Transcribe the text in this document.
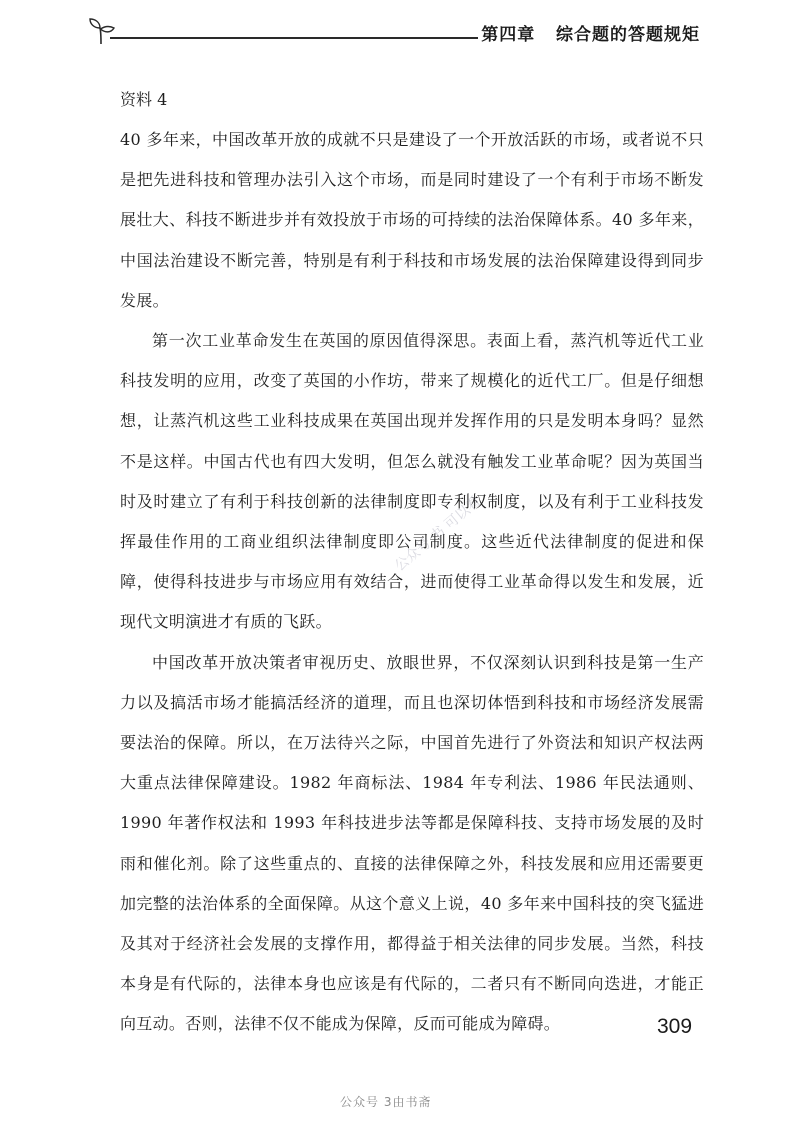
第四章   综合题的答题规矩

资料 4

40 多年来，中国改革开放的成就不只是建设了一个开放活跃的市场，或者说不只是把先进科技和管理办法引入这个市场，而是同时建设了一个有利于市场不断发展壮大、科技不断进步并有效投放于市场的可持续的法治保障体系。40 多年来，中国法治建设不断完善，特别是有利于科技和市场发展的法治保障建设得到同步发展。

第一次工业革命发生在英国的原因值得深思。表面上看，蒸汽机等近代工业科技发明的应用，改变了英国的小作坊，带来了规模化的近代工厂。但是仔细想想，让蒸汽机这些工业科技成果在英国出现并发挥作用的只是发明本身吗？显然不是这样。中国古代也有四大发明，但怎么就没有触发工业革命呢？因为英国当时及时建立了有利于科技创新的法律制度即专利权制度，以及有利于工业科技发挥最佳作用的工商业组织法律制度即公司制度。这些近代法律制度的促进和保障，使得科技进步与市场应用有效结合，进而使得工业革命得以发生和发展，近现代文明演进才有质的飞跃。

中国改革开放决策者审视历史、放眼世界，不仅深刻认识到科技是第一生产力以及搞活市场才能搞活经济的道理，而且也深切体悟到科技和市场经济发展需要法治的保障。所以，在万法待兴之际，中国首先进行了外资法和知识产权法两大重点法律保障建设。1982 年商标法、1984 年专利法、1986 年民法通则、1990 年著作权法和 1993 年科技进步法等都是保障科技、支持市场发展的及时雨和催化剂。除了这些重点的、直接的法律保障之外，科技发展和应用还需要更加完整的法治体系的全面保障。从这个意义上说，40 多年来中国科技的突飞猛进及其对于经济社会发展的支撑作用，都得益于相关法律的同步发展。当然，科技本身是有代际的，法律本身也应该是有代际的，二者只有不断同向迭进，才能正向互动。否则，法律不仅不能成为保障，反而可能成为障碍。

公众号 书 可以看
309
公众号 3由书斋
